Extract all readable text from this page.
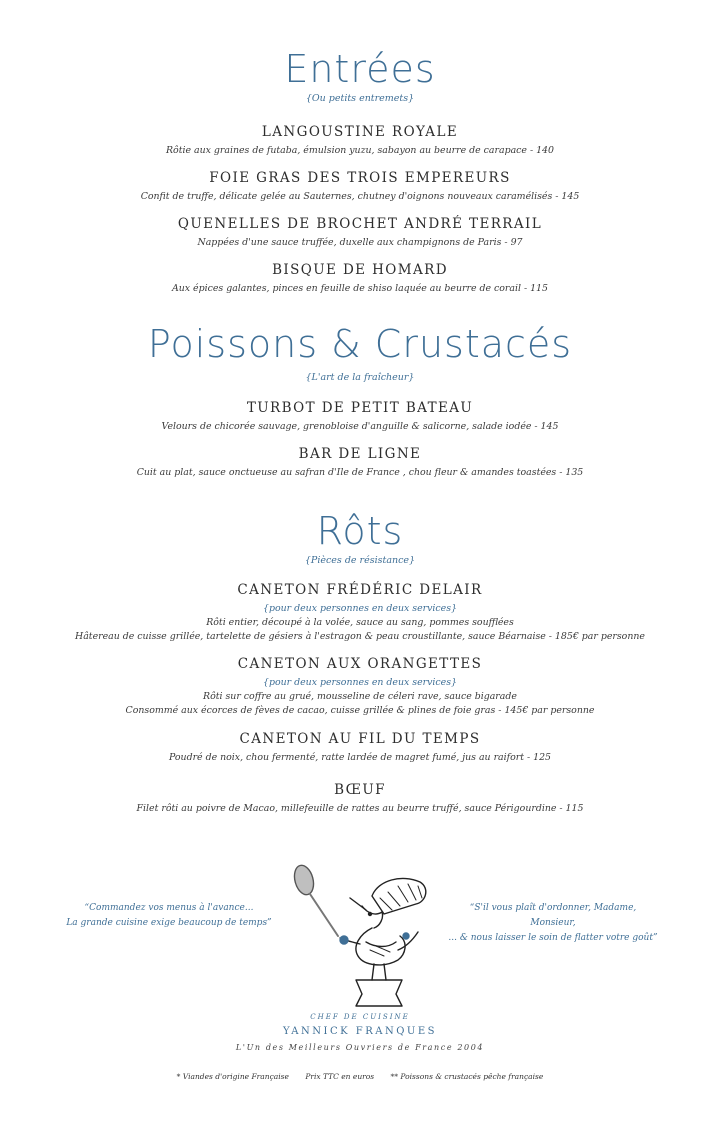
Entrées

{Ou petits entremets}

LANGOUSTINE ROYALE
Rôtie aux graines de futaba, émulsion yuzu, sabayon au beurre de carapace - 140
FOIE GRAS DES TROIS EMPEREURS
Confit de truffe, délicate gelée au Sauternes, chutney d'oignons nouveaux caramélisés - 145
QUENELLES DE BROCHET ANDRÉ TERRAIL
Nappées d'une sauce truffée, duxelle aux champignons de Paris - 97
BISQUE DE HOMARD
Aux épices galantes, pinces en feuille de shiso laquée au beurre de corail - 115
Poissons & Crustacés

{L'art de la fraîcheur}

TURBOT DE PETIT BATEAU
Velours de chicorée sauvage, grenobloise d'anguille & salicorne, salade iodée - 145
BAR DE LIGNE
Cuit au plat, sauce onctueuse au safran d'Ile de France , chou fleur & amandes toastées - 135
Rôts

{Pièces de résistance}

CANETON FRÉDÉRIC DELAIR
{pour deux personnes en deux services}
Rôti entier, découpé à la volée, sauce au sang, pommes soufflées
Hâtereau de cuisse grillée, tartelette de gésiers à l'estragon & peau croustillante, sauce Béarnaise - 185€ par personne
CANETON AUX ORANGETTES
{pour deux personnes en deux services}
Rôti sur coffre au grué, mousseline de céleri rave, sauce bigarade
Consommé aux écorces de fèves de cacao, cuisse grillée & plines de foie gras - 145€ par personne
CANETON AU FIL DU TEMPS
Poudré de noix, chou fermenté, ratte lardée de magret fumé, jus au raifort - 125
BŒUF
Filet rôti au poivre de Macao, millefeuille de rattes au beurre truffé, sauce Périgourdine - 115
“Commandez vos menus à l'avance...
La grande cuisine exige beaucoup de temps”
“S'il vous plaît d'ordonner, Madame, Monsieur,
... & nous laisser le soin de flatter votre goût”
CHEF DE CUISINE
YANNICK FRANQUES
L'Un des Meilleurs Ouvriers de France 2004
* Viandes d'origine Française Prix TTC en euros ** Poissons & crustacés pêche française
